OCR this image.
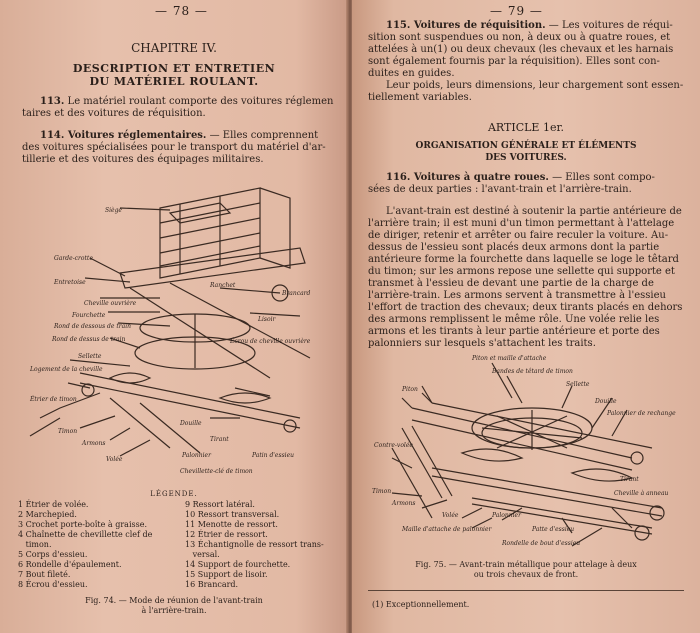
— 78 —
CHAPITRE IV.
DESCRIPTION ET ENTRETIEN
DU MATÉRIEL ROULANT.
113. Le matériel roulant comporte des voitures réglemen
taires et des voitures de réquisition.
114. Voitures réglementaires. — Elles comprennent
des voitures spécialisées pour le transport du matériel d'ar-
tillerie et des voitures des équipages militaires.
Siège
Garde-crotte
Entretoise
Cheville ouvrière
Fourchette
Rond de dessous de train
Rond de dessus de train
Sellette
Logement de la cheville
Étrier de timon
Timon
Armons
Volée
Ranchet
Brancard
Lisoir
Écrou de cheville ouvrière
Douille
Tirant
Palonnier	Patin d'essieu
Chevillette-clé de timon
LÉGENDE.
1 Étrier de volée.
2 Marchepied.
3 Crochet porte-boîte à graisse.
4 Chaînette de chevillette clef de
timon.
5 Corps d'essieu.
6 Rondelle d'épaulement.
7 Bout fileté.
8 Écrou d'essieu.
9 Ressort latéral.
10 Ressort transversal.
11 Menotte de ressort.
12 Étrier de ressort.
13 Échantignolle de ressort trans-
versal.
14 Support de fourchette.
15 Support de lisoir.
16 Brancard.
Fig. 74. — Mode de réunion de l'avant-train
à l'arrière-train.
— 79 —
115. Voitures de réquisition. — Les voitures de réqui-
sition sont suspendues ou non, à deux ou à quatre roues, et
attelées à un(1) ou deux chevaux (les chevaux et les harnais
sont également fournis par la réquisition). Elles sont con-
duites en guides.
Leur poids, leurs dimensions, leur chargement sont essen-
tiellement variables.
ARTICLE 1er.
ORGANISATION GÉNÉRALE ET ÉLÉMENTS
DES VOITURES.
116. Voitures à quatre roues. — Elles sont compo-
sées de deux parties : l'avant-train et l'arrière-train.
L'avant-train est destiné à soutenir la partie antérieure de
l'arrière train; il est muni d'un timon permettant à l'attelage
de diriger, retenir et arrêter ou faire reculer la voiture. Au-
dessus de l'essieu sont placés deux armons dont la partie
antérieure forme la fourchette dans laquelle se loge le têtard
du timon; sur les armons repose une sellette qui supporte et
transmet à l'essieu de devant une partie de la charge de
l'arrière-train. Les armons servent à transmettre à l'essieu
l'effort de traction des chevaux; deux tirants placés en dehors
des armons remplissent le même rôle. Une volée relie les
armons et les tirants à leur partie antérieure et porte des
palonniers sur lesquels s'attachent les traits.
Piton et maille d'attache
Bandes de têtard de timon
Sellette
Piton
Douille
Palonnier de rechange
Contre-volée
Timon
Armons
Volée	Palonnier
Tirant
Cheville à anneau
Maille d'attache de palonnier	Patte d'essieu
Rondelle de bout d'essieu
Fig. 75. — Avant-train métallique pour attelage à deux
ou trois chevaux de front.
(1) Exceptionnellement.
